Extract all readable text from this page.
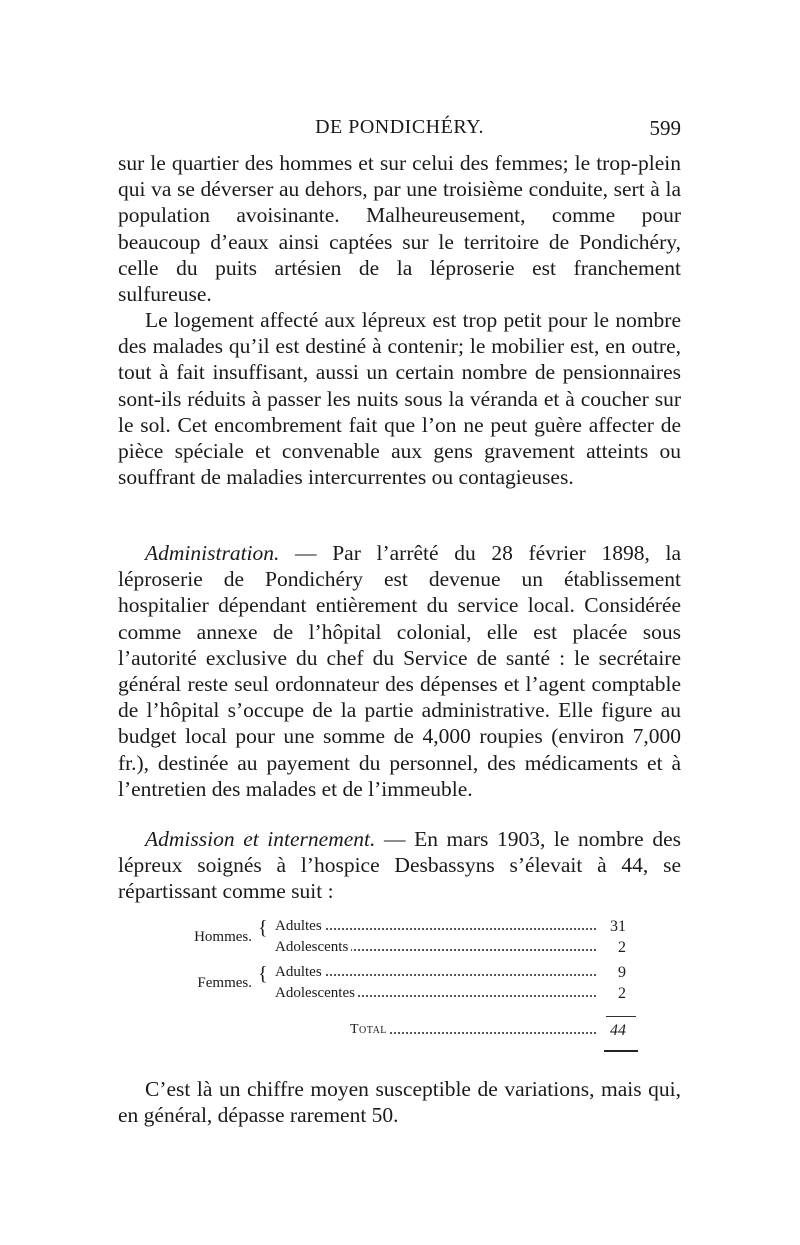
DE PONDICHÉRY.	599
sur le quartier des hommes et sur celui des femmes; le trop-plein qui va se déverser au dehors, par une troisième conduite, sert à la population avoisinante. Malheureusement, comme pour beaucoup d’eaux ainsi captées sur le territoire de Pondichéry, celle du puits artésien de la léproserie est franchement sulfureuse.
Le logement affecté aux lépreux est trop petit pour le nombre des malades qu’il est destiné à contenir; le mobilier est, en outre, tout à fait insuffisant, aussi un certain nombre de pensionnaires sont-ils réduits à passer les nuits sous la véranda et à coucher sur le sol. Cet encombrement fait que l’on ne peut guère affecter de pièce spéciale et convenable aux gens gravement atteints ou souffrant de maladies intercurrentes ou contagieuses.
Administration. — Par l’arrêté du 28 février 1898, la léproserie de Pondichéry est devenue un établissement hospitalier dépendant entièrement du service local. Considérée comme annexe de l’hôpital colonial, elle est placée sous l’autorité exclusive du chef du Service de santé : le secrétaire général reste seul ordonnateur des dépenses et l’agent comptable de l’hôpital s’occupe de la partie administrative. Elle figure au budget local pour une somme de 4,000 roupies (environ 7,000 fr.), destinée au payement du personnel, des médicaments et à l’entretien des malades et de l’immeuble.
Admission et internement. — En mars 1903, le nombre des lépreux soignés à l’hospice Desbassyns s’élevait à 44, se répartissant comme suit :
Hommes. { Adultes	31
Adolescents	2
Femmes. { Adultes	9
Adolescentes	2
Total	44
C’est là un chiffre moyen susceptible de variations, mais qui, en général, dépasse rarement 50.
